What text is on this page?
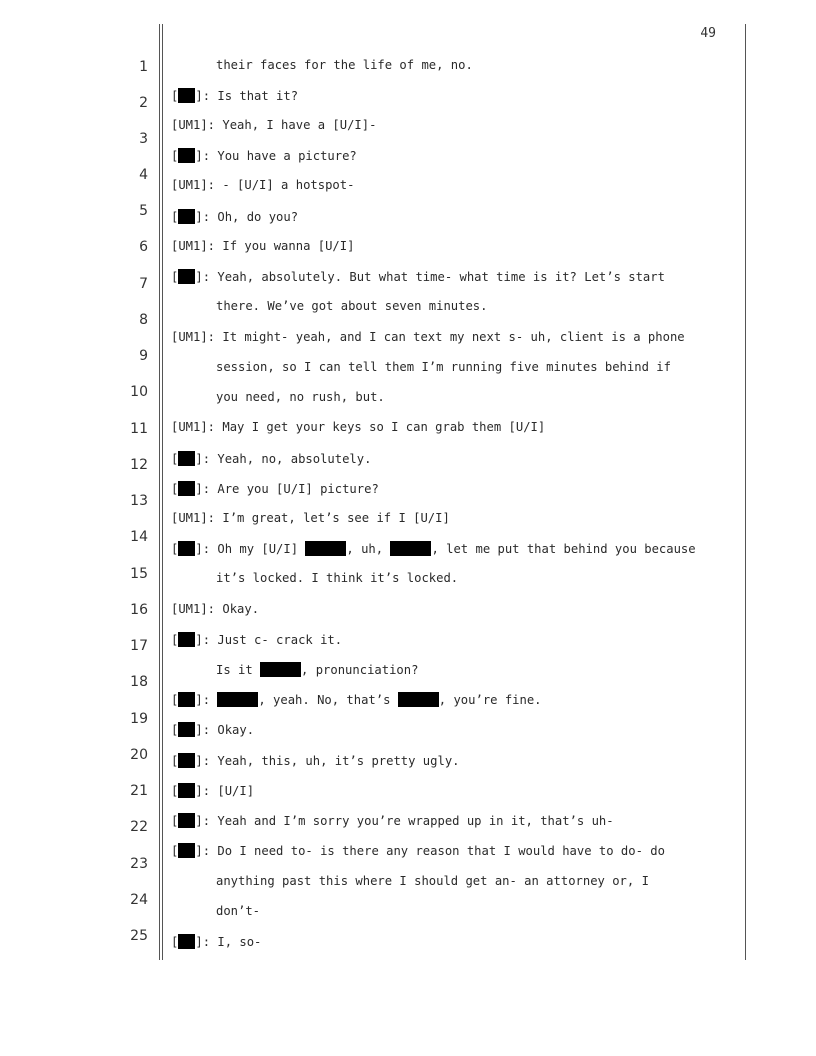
49
1
2
3
4
5
6
7
8
9
10
11
12
13
14
15
16
17
18
19
20
21
22
23
24
25
their faces for the life of me, no.
[ ]: Is that it?
[UM1]: Yeah, I have a [U/I]-
[ ]: You have a picture?
[UM1]: - [U/I] a hotspot-
[ ]: Oh, do you?
[UM1]: If you wanna [U/I]
[ ]: Yeah, absolutely. But what time- what time is it? Let’s start
there. We’ve got about seven minutes.
[UM1]: It might- yeah, and I can text my next s- uh, client is a phone
session, so I can tell them I’m running five minutes behind if
you need, no rush, but.
[UM1]: May I get your keys so I can grab them [U/I]
[ ]: Yeah, no, absolutely.
[ ]: Are you [U/I] picture?
[UM1]: I’m great, let’s see if I [U/I]
[ ]: Oh my [U/I]	, uh,	, let me put that behind you because
it’s locked. I think it’s locked.
[UM1]: Okay.
[ ]: Just c- crack it.
Is it	, pronunciation?
[ ]:	, yeah. No, that’s	, you’re fine.
[ ]: Okay.
[ ]: Yeah, this, uh, it’s pretty ugly.
[ ]: [U/I]
[ ]: Yeah and I’m sorry you’re wrapped up in it, that’s uh-
[ ]: Do I need to- is there any reason that I would have to do- do
anything past this where I should get an- an attorney or, I
don’t-
[ ]: I, so-
